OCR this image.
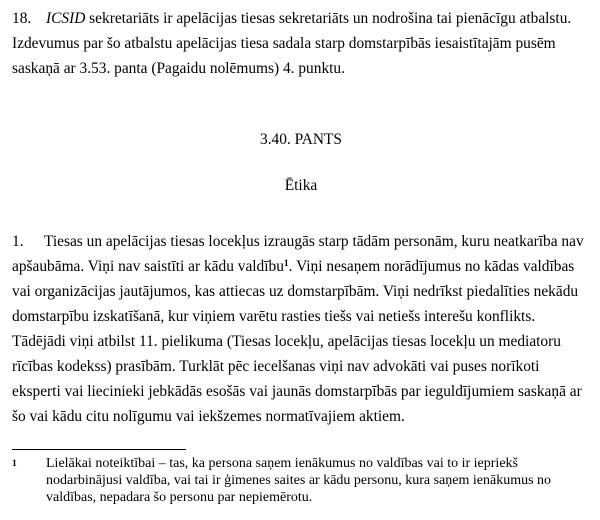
18. ICSID sekretariāts ir apelācijas tiesas sekretariāts un nodrošina tai pienācīgu atbalstu. Izdevumus par šo atbalstu apelācijas tiesa sadala starp domstarpībās iesaistītajām pusēm saskaņā ar 3.53. panta (Pagaidu nolēmums) 4. punktu.

3.40. PANTS

Ētika

1. Tiesas un apelācijas tiesas locekļus izraugās starp tādām personām, kuru neatkarība nav apšaubāma. Viņi nav saistīti ar kādu valdību$^1$. Viņi nesaņem norādījumus no kādas valdības vai organizācijas jautājumos, kas attiecas uz domstarpībām. Viņi nedrīkst piedalīties nekādu domstarpību izskatīšanā, kur viņiem varētu rasties tiešs vai netiešs interešu konflikts. Tādējādi viņi atbilst 11. pielikuma (Tiesas locekļu, apelācijas tiesas locekļu un mediatoru rīcības kodekss) prasībām. Turklāt pēc iecelšanas viņi nav advokāti vai puses norīkoti eksperti vai liecinieki jebkādās esošās vai jaunās domstarpībās par ieguldījumiem saskaņā ar šo vai kādu citu nolīgumu vai iekšzemes normatīvajiem aktiem.

1 Lielākai noteiktībai – tas, ka persona saņem ienākumus no valdības vai to ir iepriekš nodarbinājusi valdība, vai tai ir ģimenes saites ar kādu personu, kura saņem ienākumus no valdības, nepadara šo personu par nepiemērotu.
